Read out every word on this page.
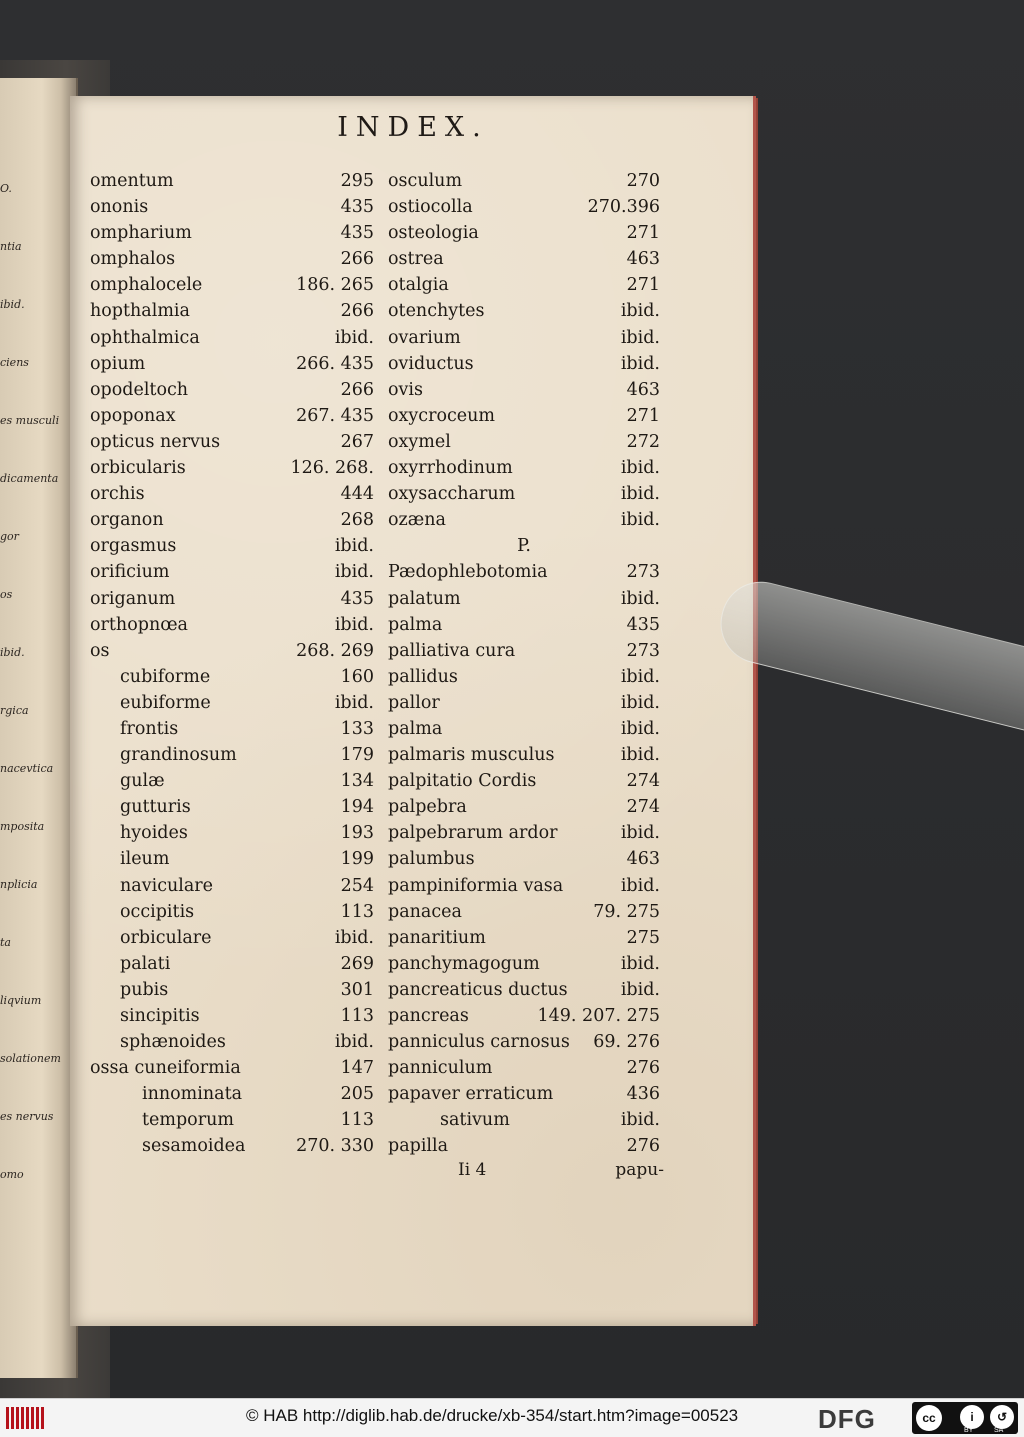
O.
ntia
ibid.
ciens
es musculi
dicamenta
gor
os
ibid.
rgica
nacevtica
mposita
nplicia
ta
liqvium
solationem
es nervus
omo
INDEX.
omentum	295
ononis	435
ompharium	435
omphalos	266
omphalocele	186. 265
hopthalmia	266
ophthalmica	ibid.
opium	266. 435
opodeltoch	266
opoponax	267. 435
opticus nervus	267
orbicularis	126. 268.
orchis	444
organon	268
orgasmus	ibid.
orificium	ibid.
origanum	435
orthopnœa	ibid.
os	268. 269
cubiforme	160
eubiforme	ibid.
frontis	133
grandinosum	179
gulæ	134
gutturis	194
hyoides	193
ileum	199
naviculare	254
occipitis	113
orbiculare	ibid.
palati	269
pubis	301
sincipitis	113
sphænoides	ibid.
ossa cuneiformia	147
innominata	205
temporum	113
sesamoidea	270. 330
osculum	270
ostiocolla	270.396
osteologia	271
ostrea	463
otalgia	271
otenchytes	ibid.
ovarium	ibid.
oviductus	ibid.
ovis	463
oxycroceum	271
oxymel	272
oxyrrhodinum	ibid.
oxysaccharum	ibid.
ozæna	ibid.
P.
Pædophlebotomia	273
palatum	ibid.
palma	435
palliativa cura	273
pallidus	ibid.
pallor	ibid.
palma	ibid.
palmaris musculus	ibid.
palpitatio Cordis	274
palpebra	274
palpebrarum ardor	ibid.
palumbus	463
pampiniformia vasa	ibid.
panacea	79. 275
panaritium	275
panchymagogum	ibid.
pancreaticus ductus	ibid.
pancreas	149. 207. 275
panniculus carnosus 69. 276
panniculum	276
papaver erraticum	436
sativum	ibid.
papilla	276
Ii 4	papu-
© HAB http://diglib.hab.de/drucke/xb-354/start.htm?image=00523	DFG	cc	i	↺
BY	SA
